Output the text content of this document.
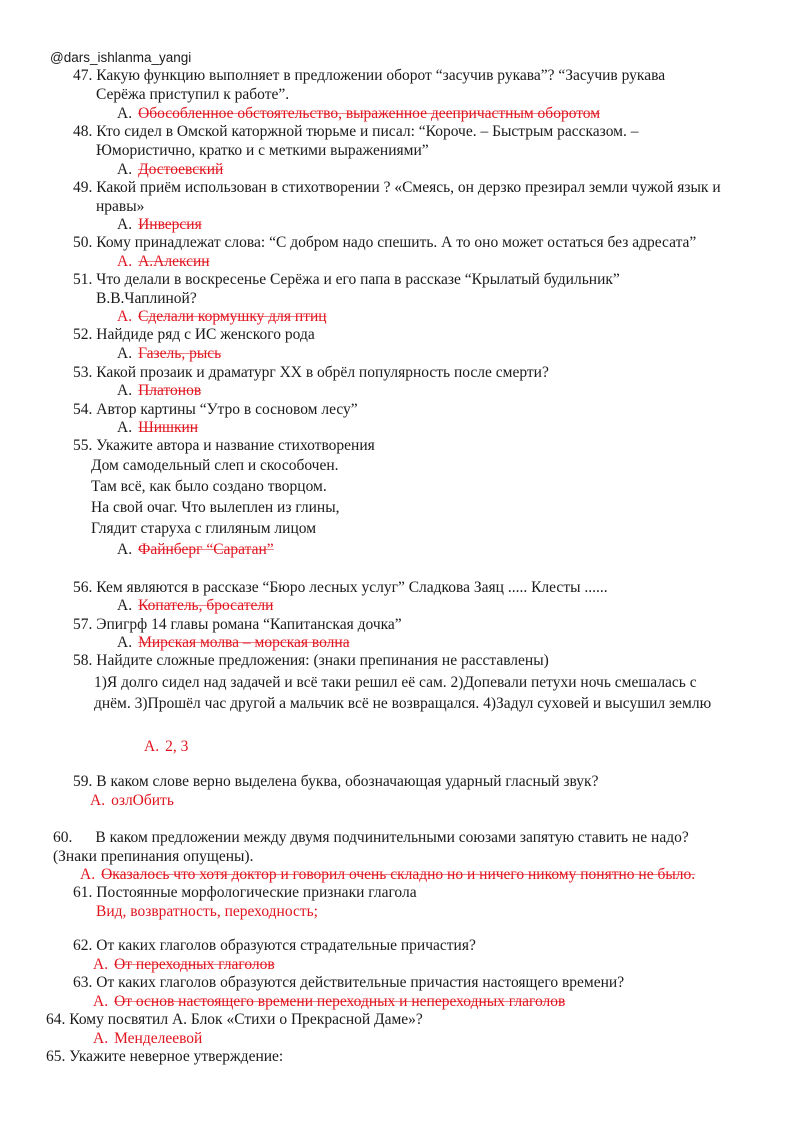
@dars_ishlanma_yangi
47. Какую функцию выполняет в предложении оборот “засучив рукава”? “Засучив рукава
Серёжа приступил к работе”.
A. Обособленное обстоятельство, выраженное деепричастным оборотом
48. Кто сидел в Омской каторжной тюрьме и писал: “Короче. – Быстрым рассказом. –
Юмористично, кратко и с меткими выражениями”
A. Достоевский
49. Какой приём использован в стихотворении ? «Смеясь, он дерзко презирал земли чужой язык и
нравы»
A. Инверсия
50. Кому принадлежат слова: “С добром надо спешить. А то оно может остаться без адресата”
A. А.Алексин
51. Что делали в воскресенье Серёжа и его папа в рассказе “Крылатый будильник”
В.В.Чаплиной?
A. Сделали кормушку для птиц
52. Найдиде ряд с ИС женского рода
A. Газель, рысь
53. Какой прозаик и драматург XX в обрёл популярность после смерти?
A. Платонов
54. Автор картины “Утро в сосновом лесу”
A. Шишкин
55. Укажите автора и название стихотворения
Дом самодельный слеп и скособочен.
Там всё, как было создано творцом.
На свой очаг. Что вылеплен из глины,
Глядит старуха с глиляным лицом
A. Файнберг “Саратан”
56. Кем являются в рассказе “Бюро лесных услуг” Сладкова Заяц ..... Клесты ......
A. Копатель, бросатели
57. Эпигрф 14 главы романа “Капитанская дочка”
A. Мирская молва – морская волна
58. Найдите сложные предложения: (знаки препинания не расставлены)
1)Я долго сидел над задачей и всё таки решил её сам. 2)Допевали петухи ночь смешалась с
днём. 3)Прошёл час другой а мальчик всё не возвращался. 4)Задул суховей и высушил землю
A. 2, 3
59. В каком слове верно выделена буква, обозначающая ударный гласный звук?
A. озлОбить
60. В каком предложении между двумя подчинительными союзами запятую ставить не надо?
(Знаки препинания опущены).
A. Оказалось что хотя доктор и говорил очень складно но и ничего никому понятно не было.
61. Постоянные морфологические признаки глагола
Вид, возвратность, переходность;
62. От каких глаголов образуются страдательные причастия?
A. От переходных глаголов
63. От каких глаголов образуются действительные причастия настоящего времени?
A. От основ настоящего времени переходных и непереходных глаголов
64. Кому посвятил А. Блок «Стихи о Прекрасной Даме»?
A. Менделеевой
65. Укажите неверное утверждение:
